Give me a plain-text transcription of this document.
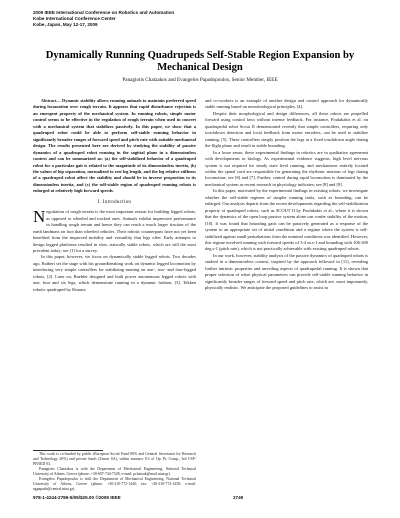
2009 IEEE International Conference on Robotics and Automation
Kobe International Conference Center
Kobe, Japan, May 12-17, 2009
Dynamically Running Quadrupeds Self-Stable Region Expansion by Mechanical Design
Panagiotis Chatzakos and Evangelos Papadopoulos, Senior Member, IEEE

Abstract— Dynamic stability allows running animals to maintain preferred speed during locomotion over rough terrain. It appears that rapid disturbance rejection is an emergent property of the mechanical system. In running robots, simple motor control seems to be effective in the regulation of rough terrain when used in concert with a mechanical system that stabilizes passively. In this paper, we show that a quadruped robot could be able to perform self-stable running behavior in significantly broader ranges of forward speed and pitch rate with suitable mechanical design. The results presented here are derived by studying the stability of passive dynamics of a quadruped robot running in the sagittal plane in a dimensionless context and can be summarized as: (a) the self-stabilized behavior of a quadruped robot for a particular gait is related to the magnitude of its dimensionless inertia, (b) the values of hip separation, normalized to rest leg length, and the leg relative stiffness of a quadruped robot affect the stability and should be in inverse proportion to its dimensionless inertia, and (c) the self-stable region of quadruped running robots is enlarged at relatively high forward speeds.

I. Introduction

Negotiation of rough terrain is the most important reason for building legged robots, as opposed to wheeled and tracked ones. Animals exhibit impressive performance in handling rough terrain and hence they can reach a much larger fraction of the earth landmass on foot than wheeled vehicles. Their robotic counterparts have not yet been benefited from the improved mobility and versatility that legs offer. Early attempts to design legged platforms resulted in slow, statically stable robots, which are still the most prevalent today; see [1] for a survey.

In this paper, however, we focus on dynamically stable legged robots. Two decades ago, Raibert set the stage with his groundbreaking work on dynamic legged locomotion by introducing very simple controllers for stabilizing running on one-, two- and four-legged robots, [2]. Later on, Buehler designed and built power autonomous legged robots with one, four and six legs, which demonstrate running in a dynamic fashion, [3]. Tekken robotic quadruped by Kimura

This work is co-funded by public (European Social Fund 80% and General Secretariat for Research and Technology 20%) and private funds (Zenon SA), within measure 8.3 of Op. Pr. Comp., 3rd CSF-PENED 03.

Panagiotis Chatzakos is with the Department of Mechanical Engineering, National Technical University of Athens, Greece (phone: +30-697-744-7328; e-mail: pchatzak@mail.ntua.gr).

Evangelos Papadopoulos is with the Department of Mechanical Engineering, National Technical University of Athens, Greece (phone: +30-210-772-1440; fax: +30-210-772-1458; e-mail: egpapado@central.ntua.gr).

and co-workers is an example of another design and control approach for dynamically stable running based on neurobiological principles, [4].

Despite their morphological and design differences, all these robots are propelled forward using control laws without intense feedback. For instance, Poulakakis et al. on quadrupedal robot Scout II demonstrated recently that simple controllers, requiring only touchdown detection and local feedback from motor encoders, can be used to stabilize running, [5]. These controllers simply position the legs at a fixed touchdown angle during the flight phase and result in stable bounding.

In a loose sense, these experimental findings in robotics are in qualitative agreement with developments in biology. As experimental evidence suggests, high level nervous system is not required for steady state level running, and mechanisms entirely located within the spinal cord are responsible for generating the rhythmic motions of legs during locomotion; see [6] and [7]. Further, control during rapid locomotion is dominated by the mechanical system as recent research in physiology indicates; see [8] and [9].

In this paper, motivated by the experimental findings in existing robots, we investigate whether the self-stable regimes of simpler running tasks, such as bounding, can be enlarged. Our analysis departs from the recent developments regarding the self-stabilization property of quadruped robots, such as SCOUT II by Poulakakis et al., where it is shown that the dynamics of the open loop passive system alone can confer stability of the motion, [10]. It was found that bounding gaits can be passively generated as a response of the system to an appropriate set of initial conditions and a regime where the system is self-stabilized against small perturbations from the nominal conditions was identified. However, this regime involved running with forward speeds of 3-4 m.s-1 and bounding with 106-200 deg.s-1 (pitch rate), which is not practically achievable with existing quadruped robots.

In our work, however, stability analysis of the passive dynamics of quadruped robots is studied in a dimensionless context, inspired by the approach followed in [11], revealing further intrinsic properties and unveiling aspects of quadrupedal running. It is shown that proper selection of robot physical parameters can provide self-stable running behavior in significantly broader ranges of forward speed and pitch rate, which are, most importantly, physically realistic. We anticipate the proposed guidelines to assist in

978-1-4244-2789-5/09/$25.00 ©2009 IEEE	2749
